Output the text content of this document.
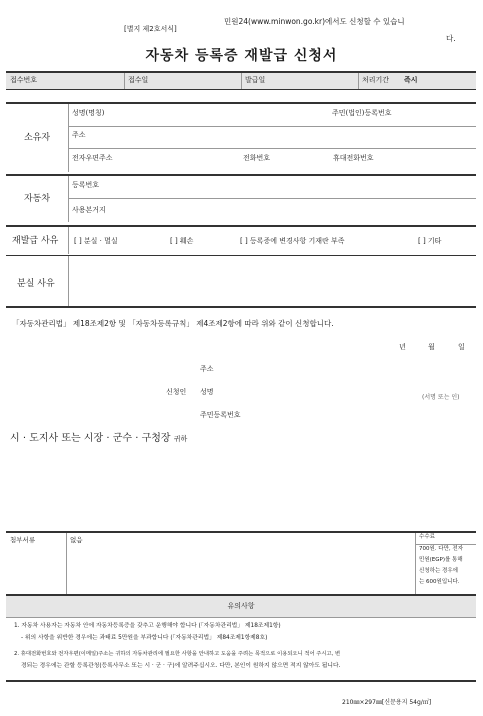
[별지 제2호서식]
민원24(www.minwon.go.kr)에서도 신청할 수 있습니
다.
자동차 등록증 재발급 신청서
접수번호	접수일	발급일	처리기간 즉시
소유자
성명(명칭)	주민(법인)등록번호
주소
전자우편주소	전화번호	휴대전화번호
자동차
등록번호
사용본거지
재발급 사유 [ ] 분실 · 멸실	[ ] 훼손	[ ] 등록증에 변경사항 기재란 부족	[ ] 기타
분실 사유
「자동차관리법」 제18조제2항 및 「자동차등록규칙」 제4조제2항에 따라 위와 같이 신청합니다.
년	월	일
주소
신청인 성명
(서명 또는 인)
주민등록번호
시 · 도지사 또는 시장 · 군수 · 구청장 귀하
첨부서류	없음	수수료
700원. 다만, 전자
민원(EGP)를 통해
신청하는 경우에
는 600원입니다.
유의사항
1. 자동차 사용자는 자동차 안에 자동차등록증을 갖추고 운행해야 합니다 (「자동차관리법」 제18조제1항)
- 위의 사항을 위반한 경우에는 과태료 5만원을 부과합니다 (「자동차관리법」 제84조제1항제8호)
2. 휴대전화번호와 전자우편(이메일)주소는 귀하의 자동차관리에 필요한 사항을 안내하고 도움을 주려는 목적으로 이용되오니 적어 주시고, 변
경되는 경우에는 관할 등록관청(등록사무소 또는 시 · 군 · 구)에 알려주십시오. 다만, 본인이 원하지 않으면 적지 않아도 됩니다.
210㎜×297㎜[신문용지 54g/㎡]
